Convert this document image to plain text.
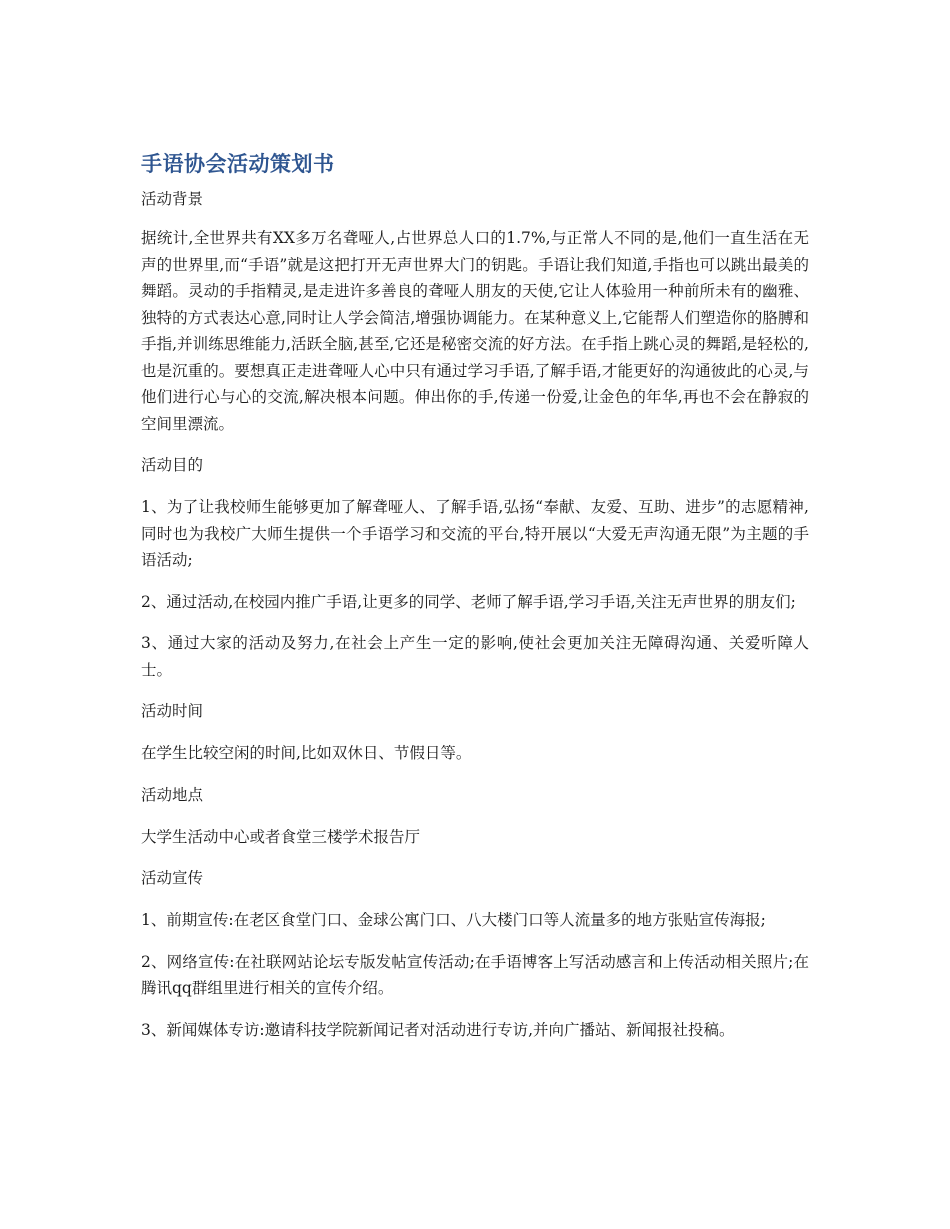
手语协会活动策划书
活动背景

据统计,全世界共有XX多万名聋哑人,占世界总人口的1.7%,与正常人不同的是,他们一直生活在无声的世界里,而“手语”就是这把打开无声世界大门的钥匙。手语让我们知道,手指也可以跳出最美的舞蹈。灵动的手指精灵,是走进许多善良的聋哑人朋友的天使,它让人体验用一种前所未有的幽雅、独特的方式表达心意,同时让人学会简洁,增强协调能力。在某种意义上,它能帮人们塑造你的胳膊和手指,并训练思维能力,活跃全脑,甚至,它还是秘密交流的好方法。在手指上跳心灵的舞蹈,是轻松的,也是沉重的。要想真正走进聋哑人心中只有通过学习手语,了解手语,才能更好的沟通彼此的心灵,与他们进行心与心的交流,解决根本问题。伸出你的手,传递一份爱,让金色的年华,再也不会在静寂的空间里漂流。

活动目的

1、为了让我校师生能够更加了解聋哑人、了解手语,弘扬“奉献、友爱、互助、进步”的志愿精神,同时也为我校广大师生提供一个手语学习和交流的平台,特开展以“大爱无声沟通无限”为主题的手语活动;

2、通过活动,在校园内推广手语,让更多的同学、老师了解手语,学习手语,关注无声世界的朋友们;

3、通过大家的活动及努力,在社会上产生一定的影响,使社会更加关注无障碍沟通、关爱听障人士。

活动时间

在学生比较空闲的时间,比如双休日、节假日等。

活动地点

大学生活动中心或者食堂三楼学术报告厅

活动宣传

1、前期宣传:在老区食堂门口、金球公寓门口、八大楼门口等人流量多的地方张贴宣传海报;

2、网络宣传:在社联网站论坛专版发帖宣传活动;在手语博客上写活动感言和上传活动相关照片;在腾讯qq群组里进行相关的宣传介绍。

3、新闻媒体专访:邀请科技学院新闻记者对活动进行专访,并向广播站、新闻报社投稿。
